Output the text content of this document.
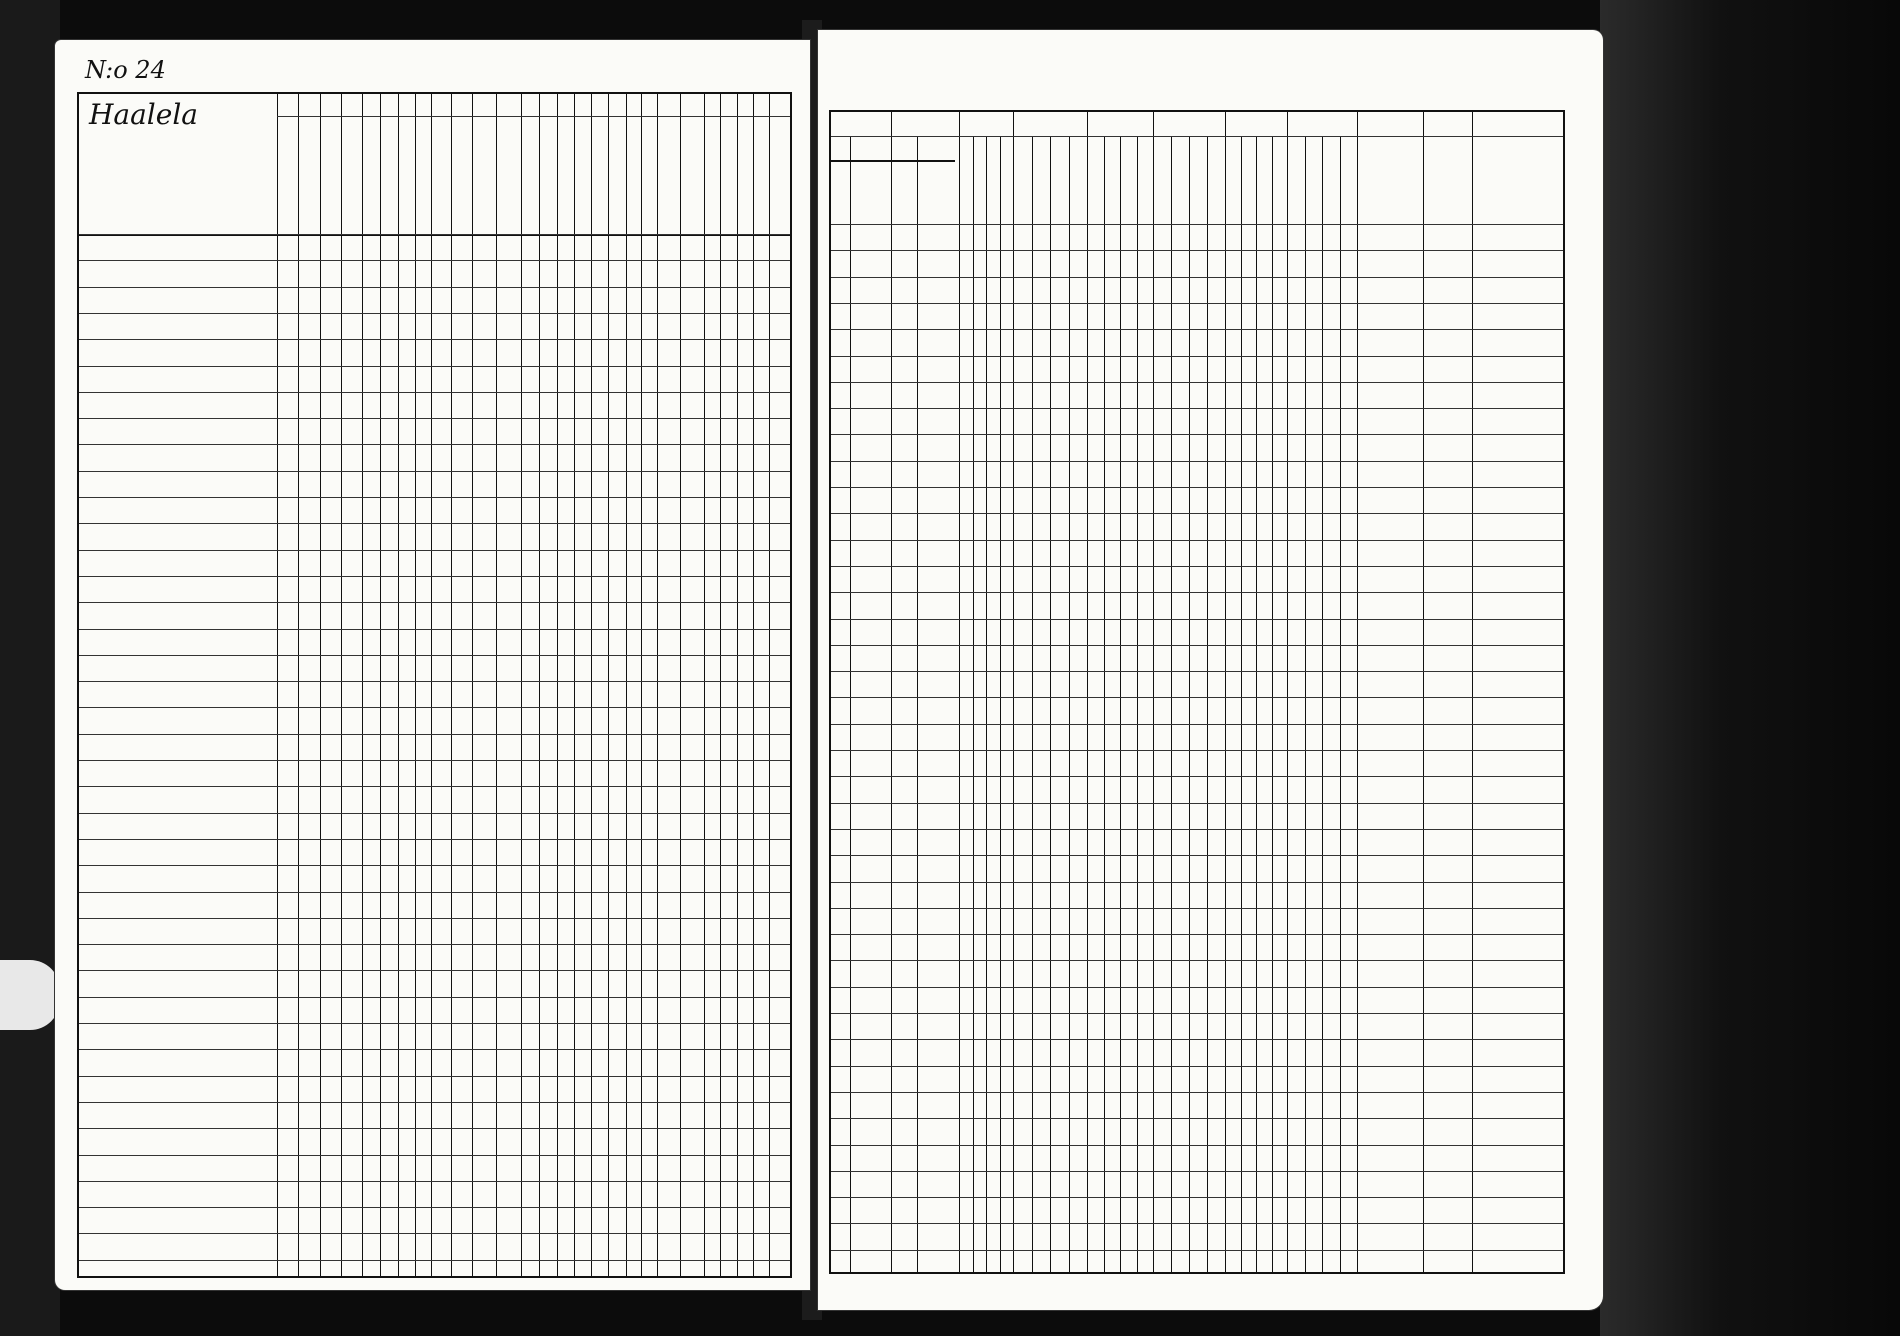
N:o 24
Haalela
